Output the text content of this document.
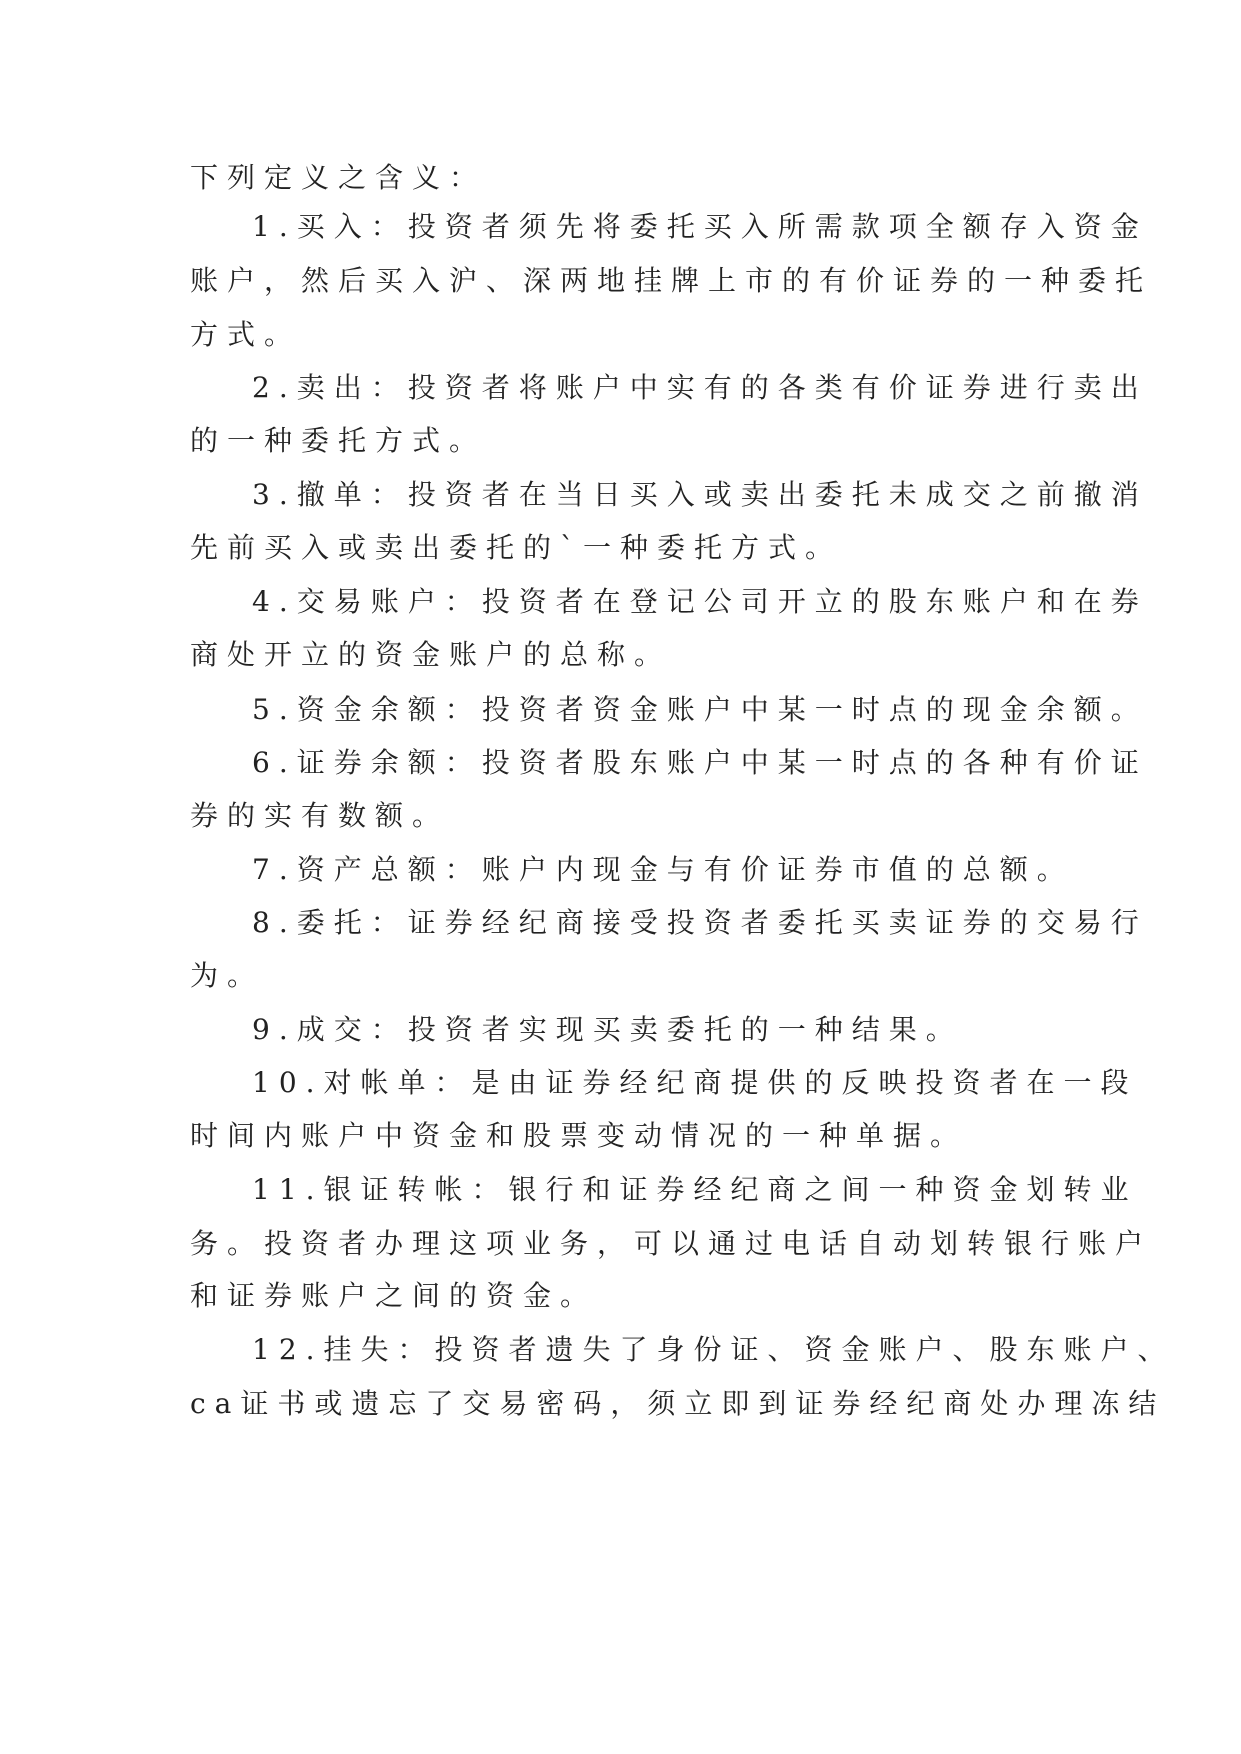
下列定义之含义：
1.买入：投资者须先将委托买入所需款项全额存入资金
账户，然后买入沪、深两地挂牌上市的有价证券的一种委托
方式。
2.卖出：投资者将账户中实有的各类有价证券进行卖出
的一种委托方式。
3.撤单：投资者在当日买入或卖出委托未成交之前撤消
先前买入或卖出委托的`一种委托方式。
4.交易账户：投资者在登记公司开立的股东账户和在券
商处开立的资金账户的总称。
5.资金余额：投资者资金账户中某一时点的现金余额。
6.证券余额：投资者股东账户中某一时点的各种有价证
券的实有数额。
7.资产总额：账户内现金与有价证券市值的总额。
8.委托：证券经纪商接受投资者委托买卖证券的交易行
为。
9.成交：投资者实现买卖委托的一种结果。
10.对帐单：是由证券经纪商提供的反映投资者在一段
时间内账户中资金和股票变动情况的一种单据。
11.银证转帐：银行和证券经纪商之间一种资金划转业
务。投资者办理这项业务，可以通过电话自动划转银行账户
和证券账户之间的资金。
12.挂失：投资者遗失了身份证、资金账户、股东账户、
ca证书或遗忘了交易密码，须立即到证券经纪商处办理冻结
